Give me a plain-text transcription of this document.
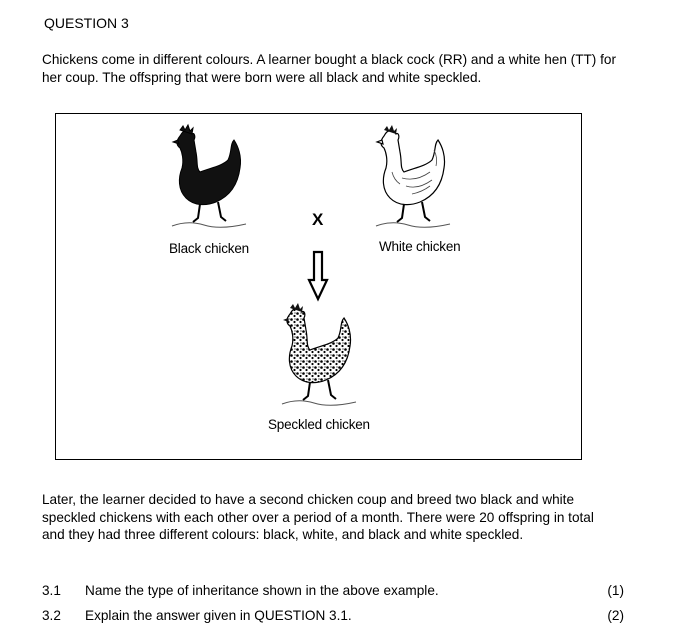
QUESTION 3
Chickens come in different colours. A learner bought a black cock (RR) and a white hen (TT) for her coup. The offspring that were born were all black and white speckled.
Black chicken	White chicken
X
Speckled chicken
Later, the learner decided to have a second chicken coup and breed two black and white speckled chickens with each other over a period of a month. There were 20 offspring in total and they had three different colours: black, white, and black and white speckled.
3.1 Name the type of inheritance shown in the above example.	(1)
3.2 Explain the answer given in QUESTION 3.1.	(2)
